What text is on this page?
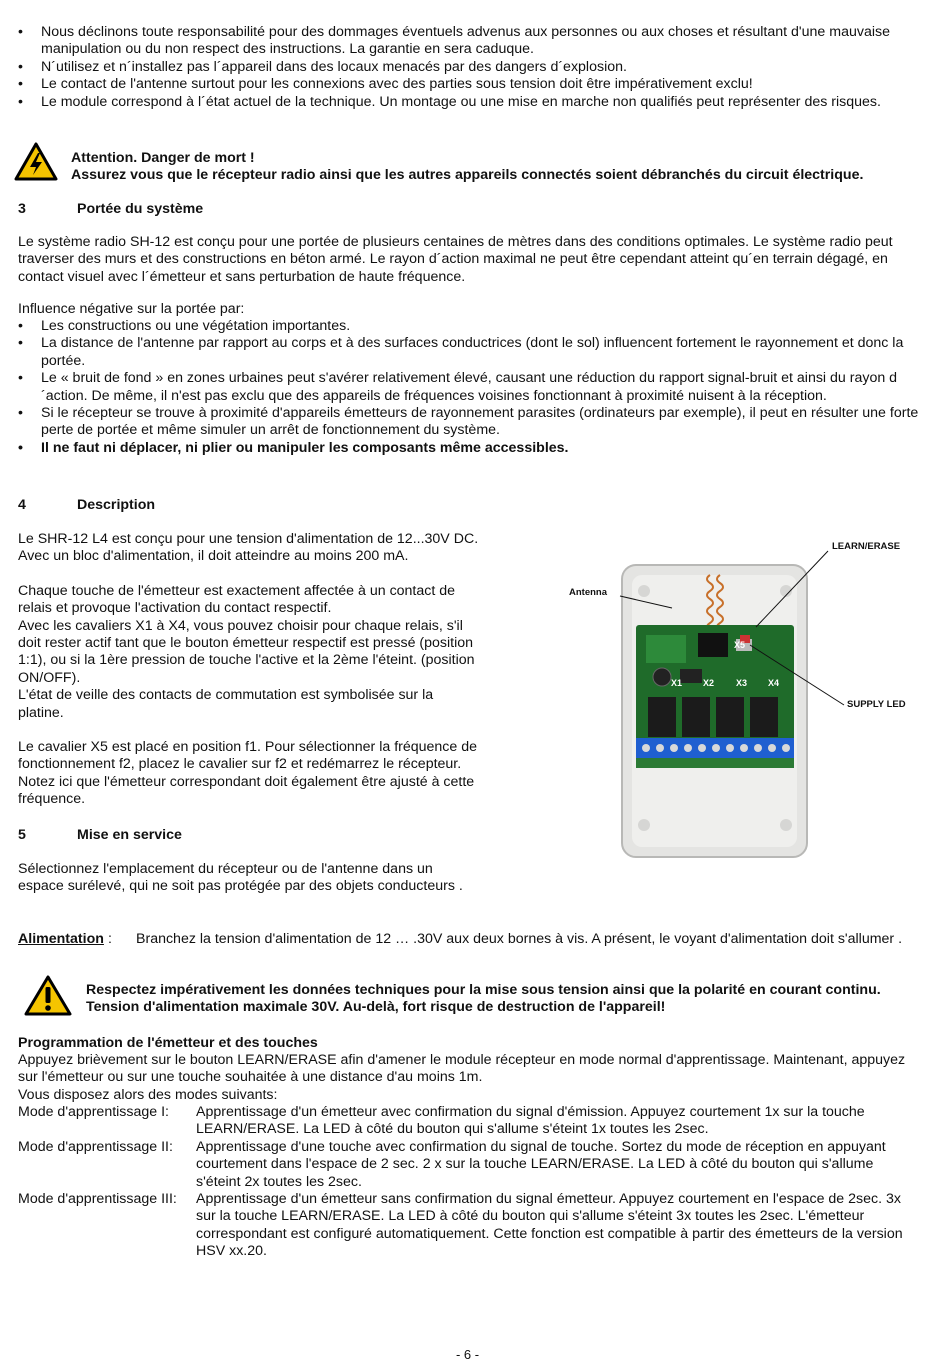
• Nous déclinons toute responsabilité pour des dommages éventuels advenus aux personnes ou aux choses et résultant d'une mauvaise manipulation ou du non respect des instructions. La garantie en sera caduque.
• N´utilisez et n´installez pas l´appareil dans des locaux menacés par des dangers d´explosion.
• Le contact de l'antenne surtout pour les connexions avec des parties sous tension doit être impérativement exclu!
• Le module correspond à l´état actuel de la technique. Un montage ou une mise en marche non qualifiés peut représenter des risques.
Attention. Danger de mort !
Assurez vous que le récepteur radio ainsi que les autres appareils connectés soient débranchés du circuit électrique.
3	Portée du système

Le système radio SH-12 est conçu pour une portée de plusieurs centaines de mètres dans des conditions optimales. Le système radio peut traverser des murs et des constructions en béton armé. Le rayon d´action maximal ne peut être cependant atteint qu´en terrain dégagé, en contact visuel avec l´émetteur et sans perturbation de haute fréquence.

Influence négative sur la portée par:

• Les constructions ou une végétation importantes.
• La distance de l'antenne par rapport au corps et à des surfaces conductrices (dont le sol) influencent fortement le rayonnement et donc la portée.
• Le « bruit de fond » en zones urbaines peut s'avérer relativement élevé, causant une réduction du rapport signal-bruit et ainsi du rayon d´action. De même, il n'est pas exclu que des appareils de fréquences voisines fonctionnant à proximité nuisent à la réception.
• Si le récepteur se trouve à proximité d'appareils émetteurs de rayonnement parasites (ordinateurs par exemple), il peut en résulter une forte perte de portée et même simuler un arrêt de fonctionnement du système.
• Il ne faut ni déplacer, ni plier ou manipuler les composants même accessibles.
4	Description

Le SHR-12 L4 est conçu pour une tension d'alimentation de 12...30V DC. Avec un bloc d'alimentation, il doit atteindre au moins 200 mA.

Chaque touche de l'émetteur est exactement affectée à un contact de relais et provoque l'activation du contact respectif.

Avec les cavaliers X1 à X4, vous pouvez choisir pour chaque relais, s'il doit rester actif tant que le bouton émetteur respectif est pressé (position 1:1), ou si la 1ère pression de touche l'active et la 2ème l'éteint. (position ON/OFF).

L'état de veille des contacts de commutation est symbolisée sur la platine.

Le cavalier X5 est placé en position f1. Pour sélectionner la fréquence de fonctionnement f2, placez le cavalier sur f2 et redémarrez le récepteur. Notez ici que l'émetteur correspondant doit également être ajusté à cette fréquence.

LEARN/ERASE
Antenna
SUPPLY LED
X5
X1 X2 X3 X4
5	Mise en service

Sélectionnez l'emplacement du récepteur ou de l'antenne dans un espace surélevé, qui ne soit pas protégée par des objets conducteurs .

Alimentation : Branchez la tension d'alimentation de 12 … .30V aux deux bornes à vis. A présent, le voyant d'alimentation doit s'allumer .

Respectez impérativement les données techniques pour la mise sous tension ainsi que la polarité en courant continu. Tension d'alimentation maximale 30V. Au-delà, fort risque de destruction de l'appareil!

Programmation de l'émetteur et des touches

Appuyez brièvement sur le bouton LEARN/ERASE afin d'amener le module récepteur en mode normal d'apprentissage. Maintenant, appuyez sur l'émetteur ou sur une touche souhaitée à une distance d'au moins 1m.

Vous disposez alors des modes suivants:

Mode d'apprentissage I:	Apprentissage d'un émetteur avec confirmation du signal d'émission. Appuyez courtement 1x sur la touche LEARN/ERASE. La LED à côté du bouton qui s'allume s'éteint 1x toutes les 2sec.
Mode d'apprentissage II:	Apprentissage d'une touche avec confirmation du signal de touche. Sortez du mode de réception en appuyant courtement dans l'espace de 2 sec. 2 x sur la touche LEARN/ERASE. La LED à côté du bouton qui s'allume s'éteint 2x toutes les 2sec.
Mode d'apprentissage III:	Apprentissage d'un émetteur sans confirmation du signal émetteur. Appuyez courtement en l'espace de 2sec. 3x sur la touche LEARN/ERASE. La LED à côté du bouton qui s'allume s'éteint 3x toutes les 2sec. L'émetteur correspondant est configuré automatiquement. Cette fonction est compatible à partir des émetteurs de la version HSV xx.20.
- 6 -
